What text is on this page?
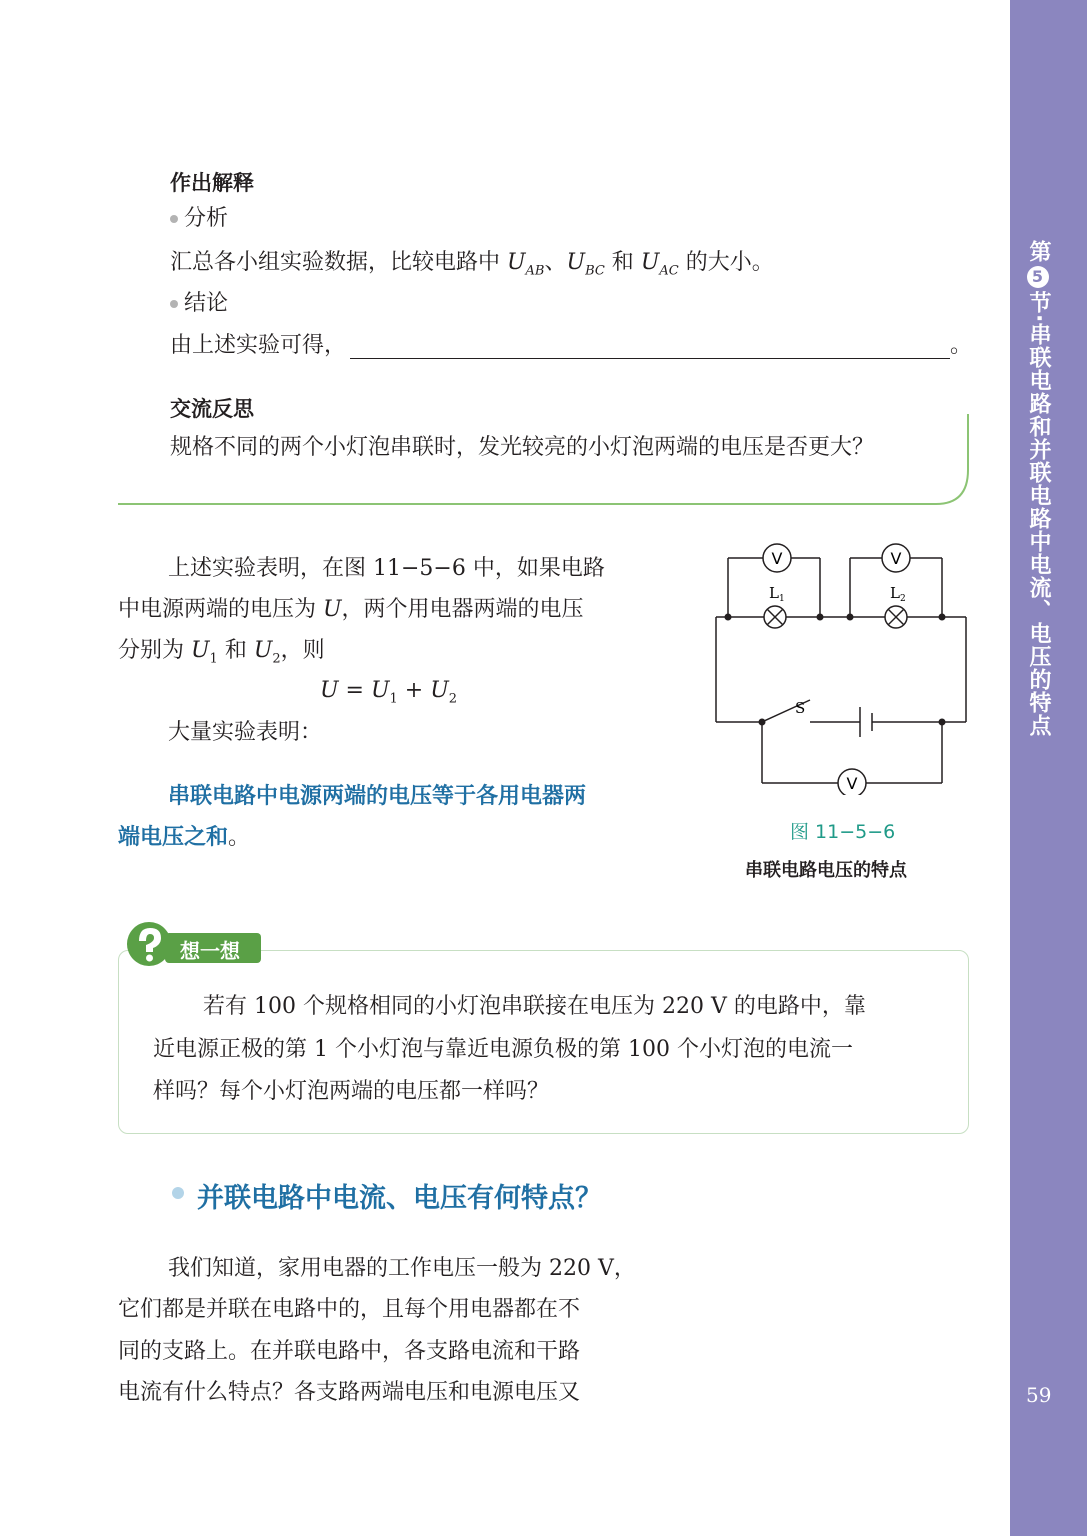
第5节·串联电路和并联电路中电流、电压的特点
59
作出解释
分析
汇总各小组实验数据，比较电路中 $U_{AB}$、$U_{BC}$ 和 $U_{AC}$ 的大小。
结论
由上述实验可得，	。
交流反思
规格不同的两个小灯泡串联时，发光较亮的小灯泡两端的电压是否更大？
上述实验表明，在图 11−5−6 中，如果电路
中电源两端的电压为 U，两个用电器两端的电压
分别为 $U_1$ 和 $U_2$，则
$U = U_1 + U_2$
大量实验表明：
串联电路中电源两端的电压等于各用电器两
端电压之和。
V	V
V
L 1	L 2
S
图 11−5−6
串联电路电压的特点
想一想
若有 100 个规格相同的小灯泡串联接在电压为 220 V 的电路中，靠
近电源正极的第 1 个小灯泡与靠近电源负极的第 100 个小灯泡的电流一
样吗？每个小灯泡两端的电压都一样吗？
并联电路中电流、电压有何特点？
我们知道，家用电器的工作电压一般为 220 V，
它们都是并联在电路中的，且每个用电器都在不
同的支路上。在并联电路中，各支路电流和干路
电流有什么特点？各支路两端电压和电源电压又
